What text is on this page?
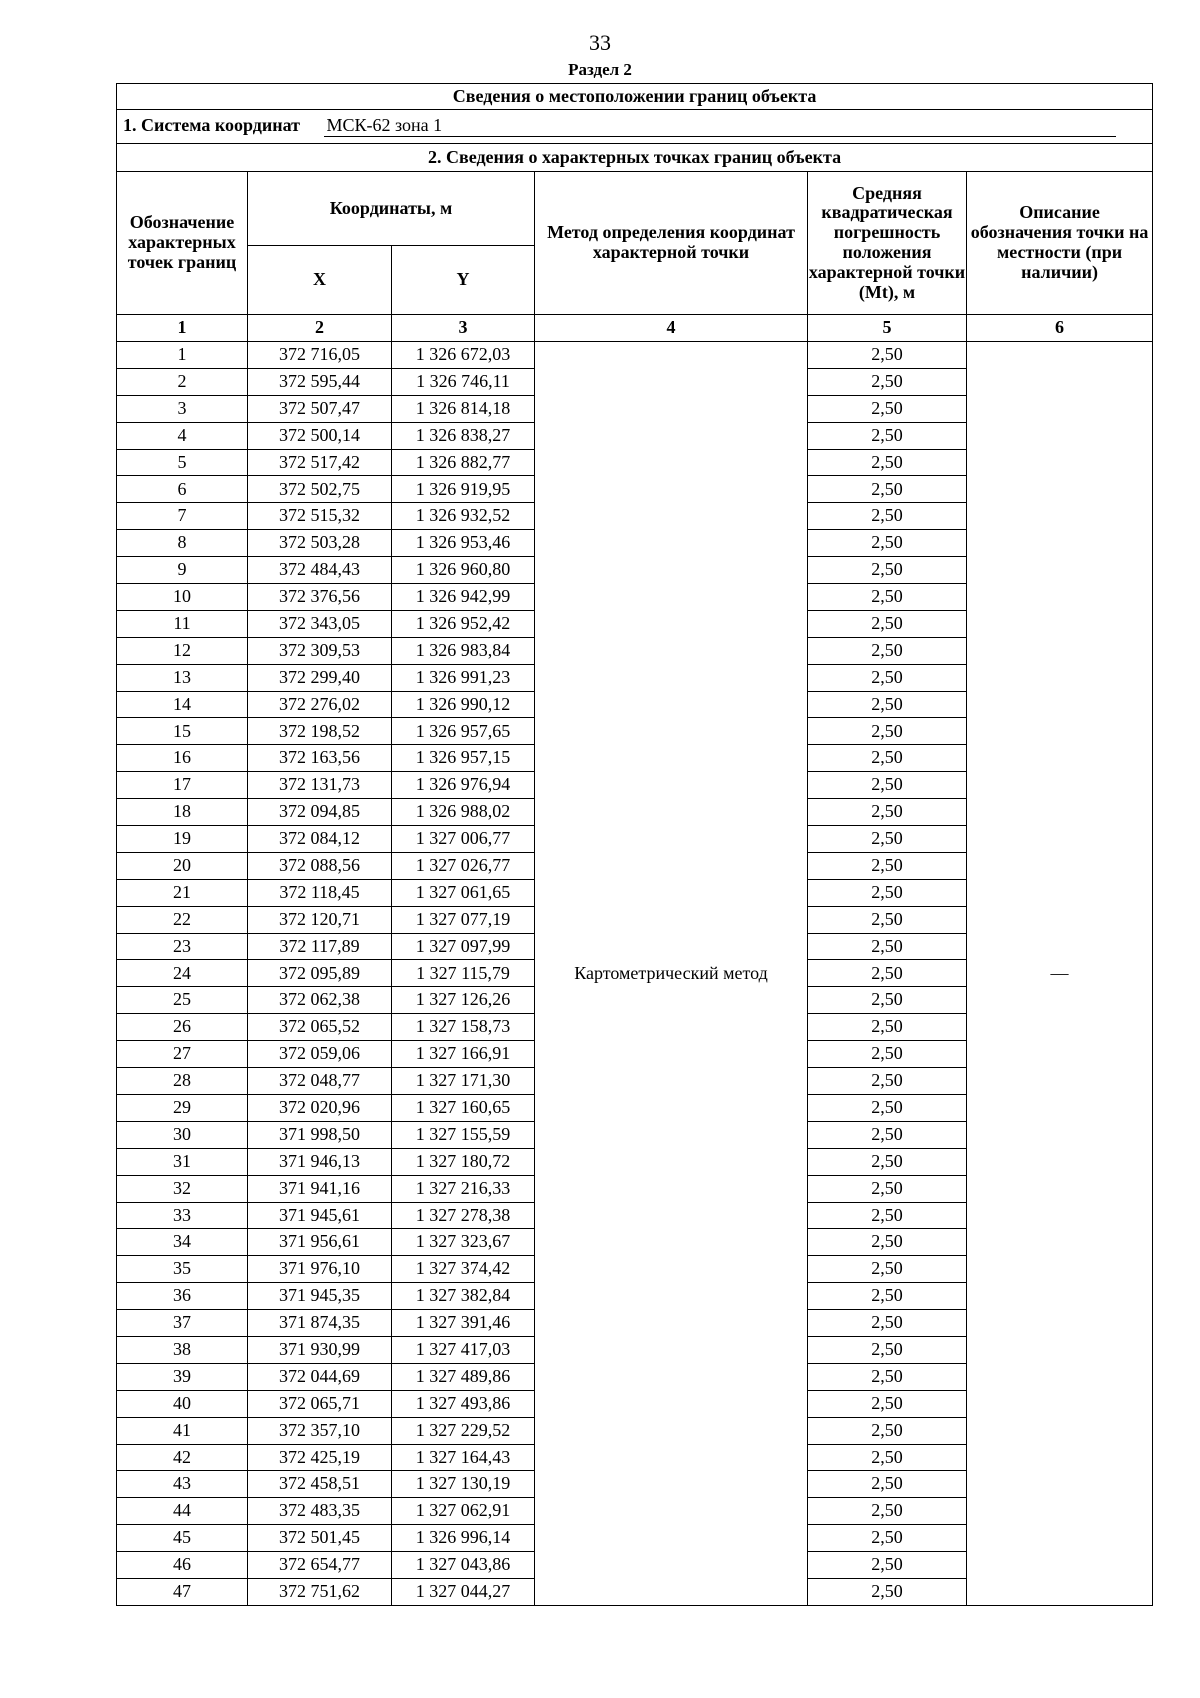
33
Раздел 2
Сведения о местоположении границ объекта					
1. Система координат МСК-62 зона 1					
2. Сведения о характерных точках границ объекта					
Обозначение характерных точек границ	Координаты, м		Метод определения координат характерной точки	Средняя квадратическая погрешность положения характерной точки (Mt), м	Описание обозначения точки на местности (при наличии)
	X	Y			
1	2	3	4	5	6
1	372 716,05	1 326 672,03	Картометрический метод	2,50	—
2	372 595,44	1 326 746,11		2,50	
3	372 507,47	1 326 814,18		2,50	
4	372 500,14	1 326 838,27		2,50	
5	372 517,42	1 326 882,77		2,50	
6	372 502,75	1 326 919,95		2,50	
7	372 515,32	1 326 932,52		2,50	
8	372 503,28	1 326 953,46		2,50	
9	372 484,43	1 326 960,80		2,50	
10	372 376,56	1 326 942,99		2,50	
11	372 343,05	1 326 952,42		2,50	
12	372 309,53	1 326 983,84		2,50	
13	372 299,40	1 326 991,23		2,50	
14	372 276,02	1 326 990,12		2,50	
15	372 198,52	1 326 957,65		2,50	
16	372 163,56	1 326 957,15		2,50	
17	372 131,73	1 326 976,94		2,50	
18	372 094,85	1 326 988,02		2,50	
19	372 084,12	1 327 006,77		2,50	
20	372 088,56	1 327 026,77		2,50	
21	372 118,45	1 327 061,65		2,50	
22	372 120,71	1 327 077,19		2,50	
23	372 117,89	1 327 097,99		2,50	
24	372 095,89	1 327 115,79		2,50	
25	372 062,38	1 327 126,26		2,50	
26	372 065,52	1 327 158,73		2,50	
27	372 059,06	1 327 166,91		2,50	
28	372 048,77	1 327 171,30		2,50	
29	372 020,96	1 327 160,65		2,50	
30	371 998,50	1 327 155,59		2,50	
31	371 946,13	1 327 180,72		2,50	
32	371 941,16	1 327 216,33		2,50	
33	371 945,61	1 327 278,38		2,50	
34	371 956,61	1 327 323,67		2,50	
35	371 976,10	1 327 374,42		2,50	
36	371 945,35	1 327 382,84		2,50	
37	371 874,35	1 327 391,46		2,50	
38	371 930,99	1 327 417,03		2,50	
39	372 044,69	1 327 489,86		2,50	
40	372 065,71	1 327 493,86		2,50	
41	372 357,10	1 327 229,52		2,50	
42	372 425,19	1 327 164,43		2,50	
43	372 458,51	1 327 130,19		2,50	
44	372 483,35	1 327 062,91		2,50	
45	372 501,45	1 326 996,14		2,50	
46	372 654,77	1 327 043,86		2,50	
47	372 751,62	1 327 044,27		2,50	
